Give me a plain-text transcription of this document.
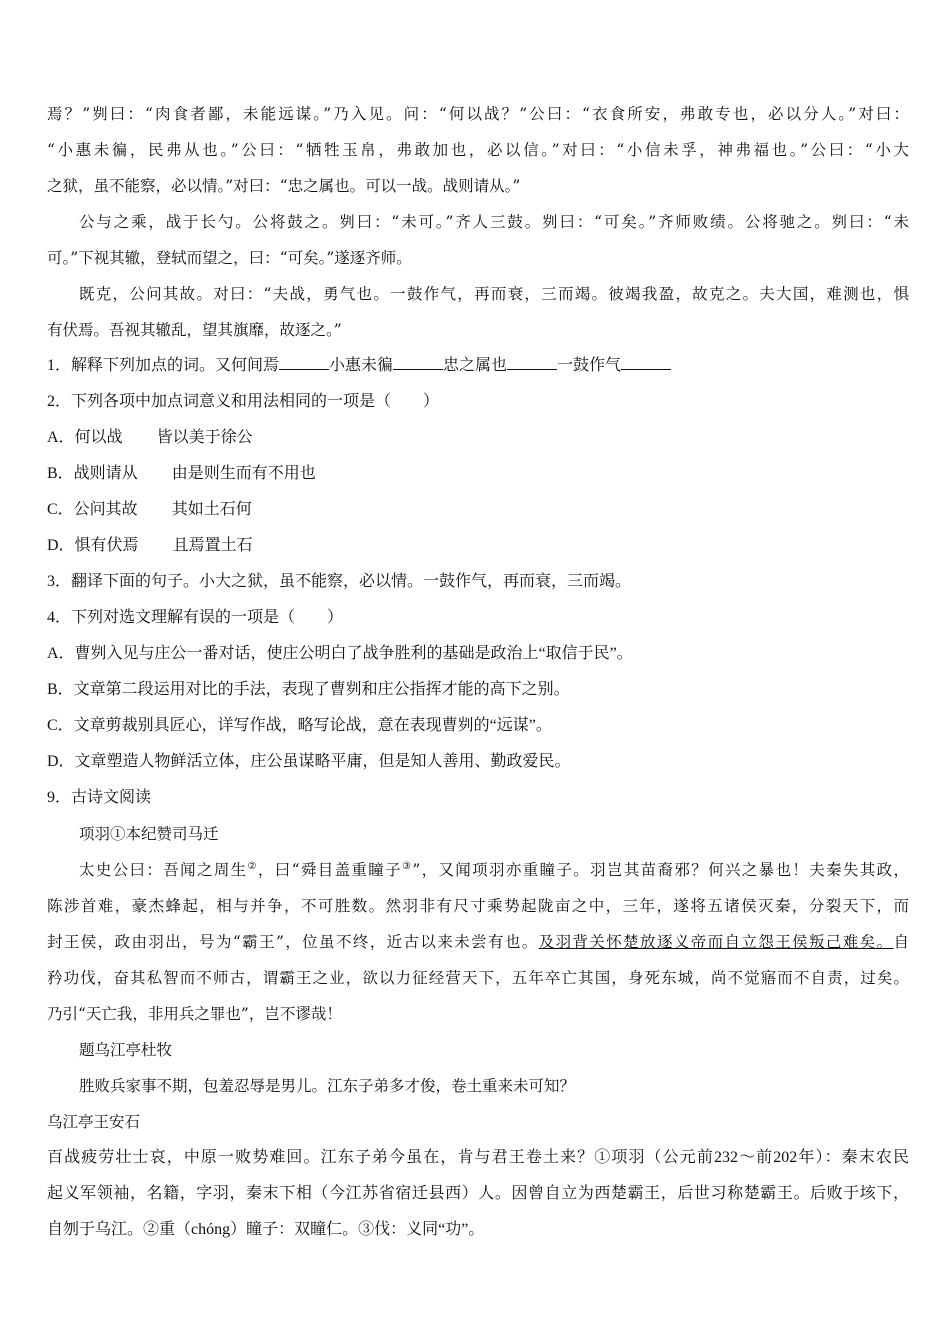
焉？”刿曰：“肉食者鄙，未能远谋。”乃入见。问：“何以战？”公曰：“衣食所安，弗敢专也，必以分人。”对曰：
“小惠未徧，民弗从也。”公曰：“牺牲玉帛，弗敢加也，必以信。”对曰：“小信未孚，神弗福也。”公曰：“小大
之狱，虽不能察，必以情。”对曰：“忠之属也。可以一战。战则请从。”
公与之乘，战于长勺。公将鼓之。刿曰：“未可。”齐人三鼓。刿曰：“可矣。”齐师败绩。公将驰之。刿曰：“未
可。”下视其辙，登轼而望之，曰：“可矣。”遂逐齐师。
既克，公问其故。对曰：“夫战，勇气也。一鼓作气，再而衰，三而竭。彼竭我盈，故克之。夫大国，难测也，惧
有伏焉。吾视其辙乱，望其旗靡，故逐之。”
1．解释下列加点的词。又何间焉	小惠未徧	忠之属也	一鼓作气
2．下列各项中加点词意义和用法相同的一项是（　　）
A．何以战 皆以美于徐公
B．战则请从 由是则生而有不用也
C．公问其故 其如土石何
D．惧有伏焉 且焉置土石
3．翻译下面的句子。小大之狱，虽不能察，必以情。一鼓作气，再而衰，三而竭。
4．下列对选文理解有误的一项是（　　）
A．曹刿入见与庄公一番对话，使庄公明白了战争胜利的基础是政治上“取信于民”。
B．文章第二段运用对比的手法，表现了曹刿和庄公指挥才能的高下之别。
C．文章剪裁别具匠心，详写作战，略写论战，意在表现曹刿的“远谋”。
D．文章塑造人物鲜活立体，庄公虽谋略平庸，但是知人善用、勤政爱民。
9．古诗文阅读
项羽①本纪赞司马迁
太史公曰：吾闻之周生②，曰“舜目盖重瞳子③”，又闻项羽亦重瞳子。羽岂其苗裔邪？何兴之暴也！夫秦失其政，
陈涉首难，豪杰蜂起，相与并争，不可胜数。然羽非有尺寸乘势起陇亩之中，三年，遂将五诸侯灭秦，分裂天下，而
封王侯，政由羽出，号为“霸王”，位虽不终，近古以来未尝有也。及羽背关怀楚放逐义帝而自立怨王侯叛己难矣。自
矜功伐，奋其私智而不师古，谓霸王之业，欲以力征经营天下，五年卒亡其国，身死东城，尚不觉寤而不自责，过矣。
乃引“天亡我，非用兵之罪也”，岂不谬哉！
题乌江亭杜牧
胜败兵家事不期，包羞忍辱是男儿。江东子弟多才俊，卷土重来未可知？
乌江亭王安石
百战疲劳壮士哀，中原一败势难回。江东子弟今虽在，肯与君王卷土来？①项羽（公元前232～前202年）：秦末农民
起义军领袖，名籍，字羽，秦末下相（今江苏省宿迁县西）人。因曾自立为西楚霸王，后世习称楚霸王。后败于垓下，
自刎于乌江。②重（chóng）瞳子：双瞳仁。③伐：义同“功”。
